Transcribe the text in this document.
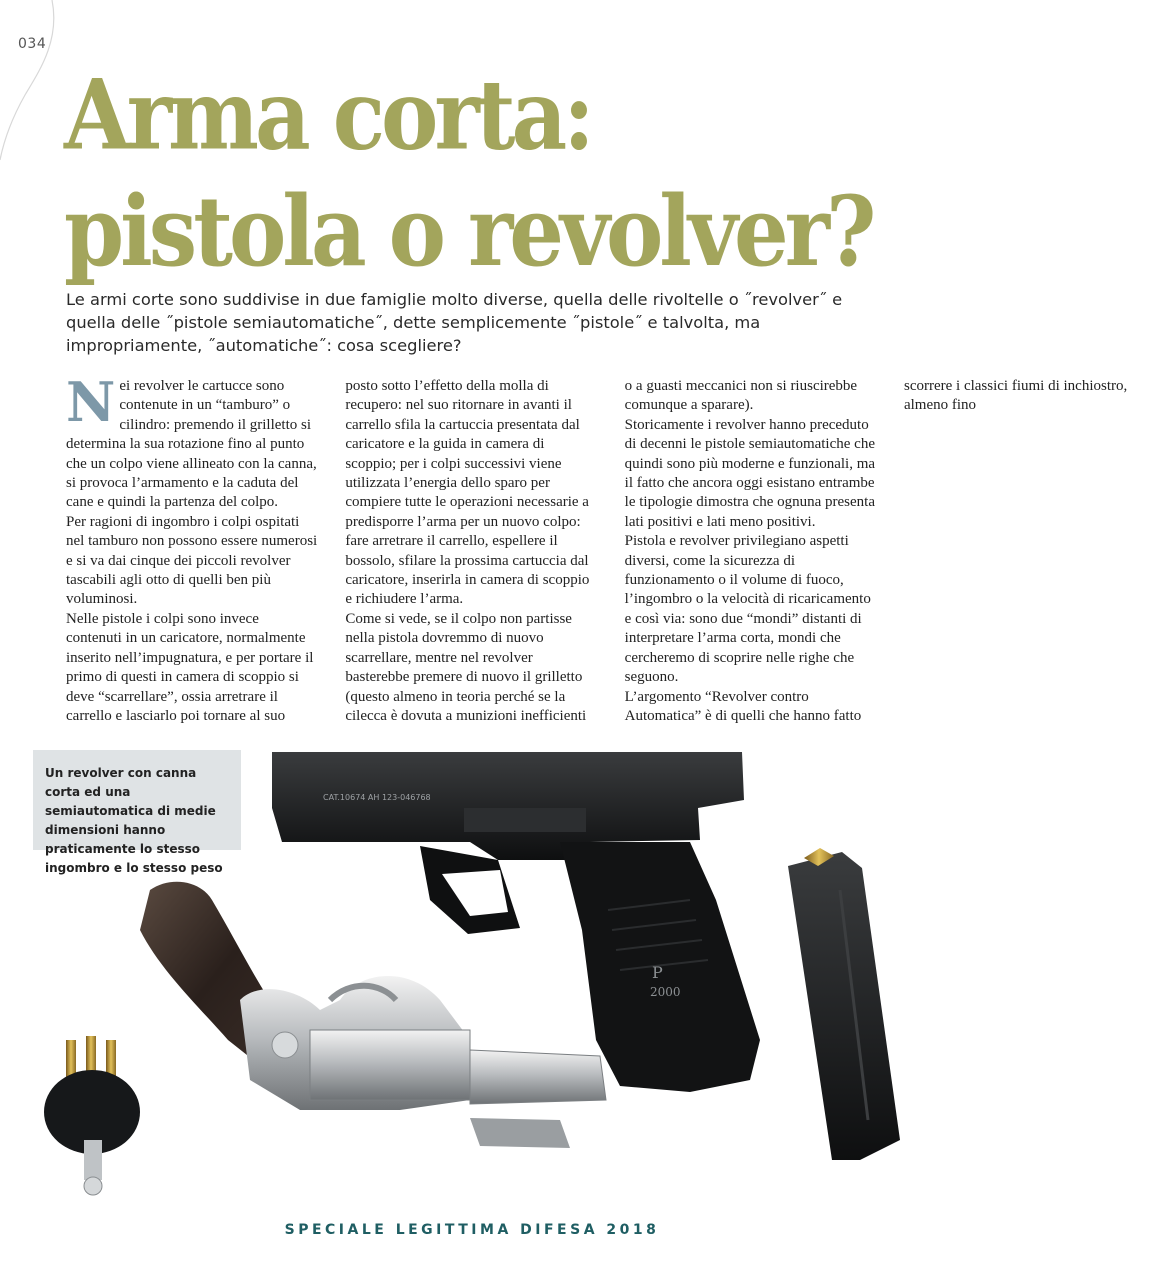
034
Arma corta:
pistola o revolver?

Le armi corte sono suddivise in due famiglie molto diverse, quella delle rivoltelle o ˝revolver˝ e quella delle ˝pistole semiautomatiche˝, dette semplicemente ˝pistole˝ e talvolta, ma impropriamente, ˝automatiche˝: cosa scegliere?

Nei revolver le cartucce sono contenute in un “tamburo” o cilindro: premendo il grilletto si determina la sua rotazione fino al punto che un colpo viene allineato con la canna, si provoca l’armamento e la caduta del cane e quindi la partenza del colpo.

Per ragioni di ingombro i colpi ospitati nel tamburo non possono essere numerosi e si va dai cinque dei piccoli revolver tascabili agli otto di quelli ben più voluminosi.

Nelle pistole i colpi sono invece contenuti in un caricatore, normalmente inserito nell’impugnatura, e per portare il primo di questi in camera di scoppio si deve “scarrellare”, ossia arretrare il carrello e lasciarlo poi tornare al suo posto sotto l’effetto della molla di recupero: nel suo ritornare in avanti il carrello sfila la cartuccia presentata dal caricatore e la guida in camera di scoppio; per i colpi successivi viene utilizzata l’energia dello sparo per compiere tutte le operazioni necessarie a predisporre l’arma per un nuovo colpo: fare arretrare il carrello, espellere il bossolo, sfilare la prossima cartuccia dal caricatore, inserirla in camera di scoppio e richiudere l’arma.

Come si vede, se il colpo non partisse nella pistola dovremmo di nuovo scarrellare, mentre nel revolver basterebbe premere di nuovo il grilletto (questo almeno in teoria perché se la cilecca è dovuta a munizioni inefficienti o a guasti meccanici non si riuscirebbe comunque a sparare).

Storicamente i revolver hanno preceduto di decenni le pistole semiautomatiche che quindi sono più moderne e funzionali, ma il fatto che ancora oggi esistano entrambe le tipologie dimostra che ognuna presenta lati positivi e lati meno positivi.

Pistola e revolver privilegiano aspetti diversi, come la sicurezza di funzionamento o il volume di fuoco, l’ingombro o la velocità di ricaricamento e così via: sono due “mondi” distanti di interpretare l’arma corta, mondi che cercheremo di scoprire nelle righe che seguono.

L’argomento “Revolver contro Automatica” è di quelli che hanno fatto scorrere i classici fiumi di inchiostro, almeno fino

Un revolver con canna corta ed una semiautomatica di medie dimensioni hanno praticamente lo stesso ingombro e lo stesso peso
CAT.10674 AH 123-046768
P
2000
SPECIALE LEGITTIMA DIFESA 2018
